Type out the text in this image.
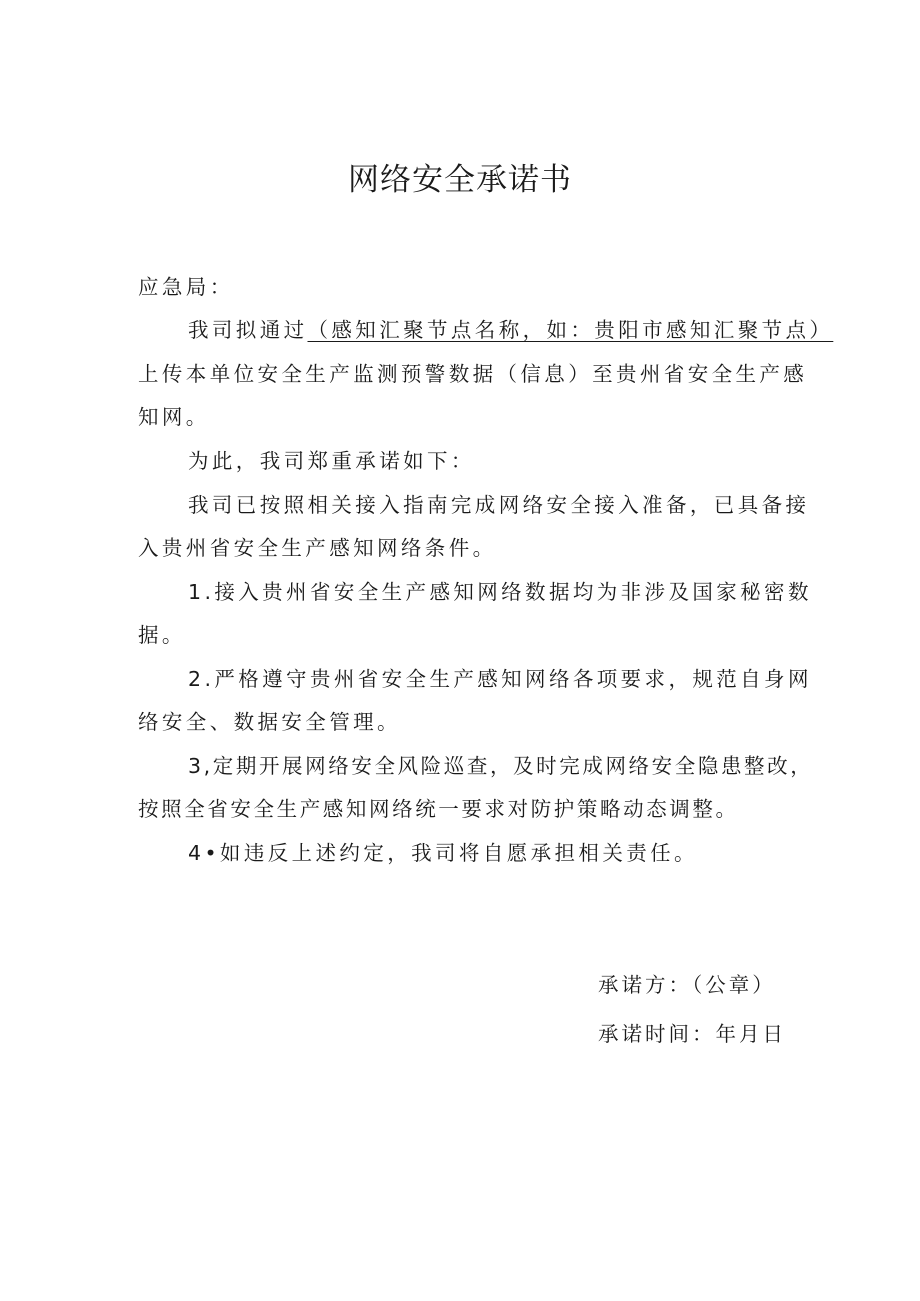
网络安全承诺书

应急局：

我司拟通过（感知汇聚节点名称，如：贵阳市感知汇聚节点）

上传本单位安全生产监测预警数据（信息）至贵州省安全生产感

知网。

为此，我司郑重承诺如下：

我司已按照相关接入指南完成网络安全接入准备，已具备接

入贵州省安全生产感知网络条件。

1.接入贵州省安全生产感知网络数据均为非涉及国家秘密数

据。

2.严格遵守贵州省安全生产感知网络各项要求，规范自身网

络安全、数据安全管理。

3,定期开展网络安全风险巡查，及时完成网络安全隐患整改，

按照全省安全生产感知网络统一要求对防护策略动态调整。

4•如违反上述约定，我司将自愿承担相关责任。

承诺方：（公章）

承诺时间：年月日
